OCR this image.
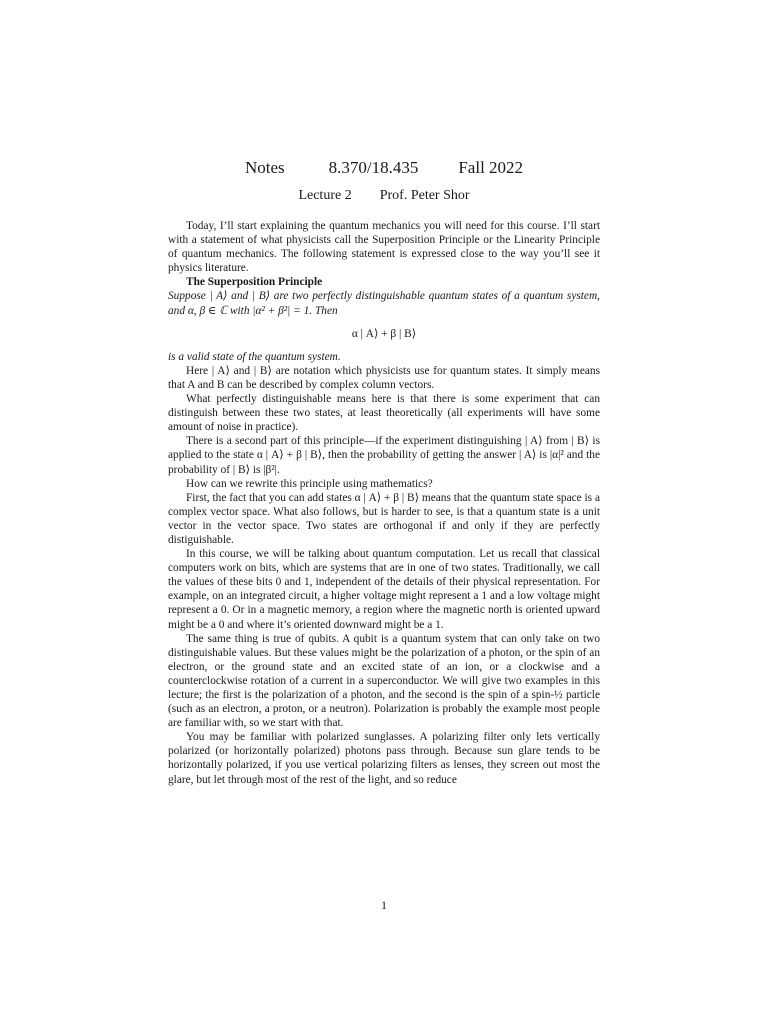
Notes	8.370/18.435 Fall 2022
Lecture 2 Prof. Peter Shor

Today, I’ll start explaining the quantum mechanics you will need for this course. I’ll start with a statement of what physicists call the Superposition Principle or the Linearity Principle of quantum mechanics. The following statement is expressed close to the way you’ll see it physics literature.

The Superposition Principle

Suppose | A⟩ and | B⟩ are two perfectly distinguishable quantum states of a quantum system, and α, β ∈ ℂ with |α² + β²| = 1. Then

α | A⟩ + β | B⟩

is a valid state of the quantum system.

Here | A⟩ and | B⟩ are notation which physicists use for quantum states. It simply means that A and B can be described by complex column vectors.

What perfectly distinguishable means here is that there is some experiment that can distinguish between these two states, at least theoretically (all experiments will have some amount of noise in practice).

There is a second part of this principle—if the experiment distinguishing | A⟩ from | B⟩ is applied to the state α | A⟩ + β | B⟩, then the probability of getting the answer | A⟩ is |α|² and the probability of | B⟩ is |β²|.

How can we rewrite this principle using mathematics?

First, the fact that you can add states α | A⟩ + β | B⟩ means that the quantum state space is a complex vector space. What also follows, but is harder to see, is that a quantum state is a unit vector in the vector space. Two states are orthogonal if and only if they are perfectly distiguishable.

In this course, we will be talking about quantum computation. Let us recall that classical computers work on bits, which are systems that are in one of two states. Traditionally, we call the values of these bits 0 and 1, independent of the details of their physical representation. For example, on an integrated circuit, a higher voltage might represent a 1 and a low voltage might represent a 0. Or in a magnetic memory, a region where the magnetic north is oriented upward might be a 0 and where it’s oriented downward might be a 1.

The same thing is true of qubits. A qubit is a quantum system that can only take on two distinguishable values. But these values might be the polarization of a photon, or the spin of an electron, or the ground state and an excited state of an ion, or a clockwise and a counterclockwise rotation of a current in a superconductor. We will give two examples in this lecture; the first is the polarization of a photon, and the second is the spin of a spin-½ particle (such as an electron, a proton, or a neutron). Polarization is probably the example most people are familiar with, so we start with that.

You may be familiar with polarized sunglasses. A polarizing filter only lets vertically polarized (or horizontally polarized) photons pass through. Because sun glare tends to be horizontally polarized, if you use vertical polarizing filters as lenses, they screen out most the glare, but let through most of the rest of the light, and so reduce

1
